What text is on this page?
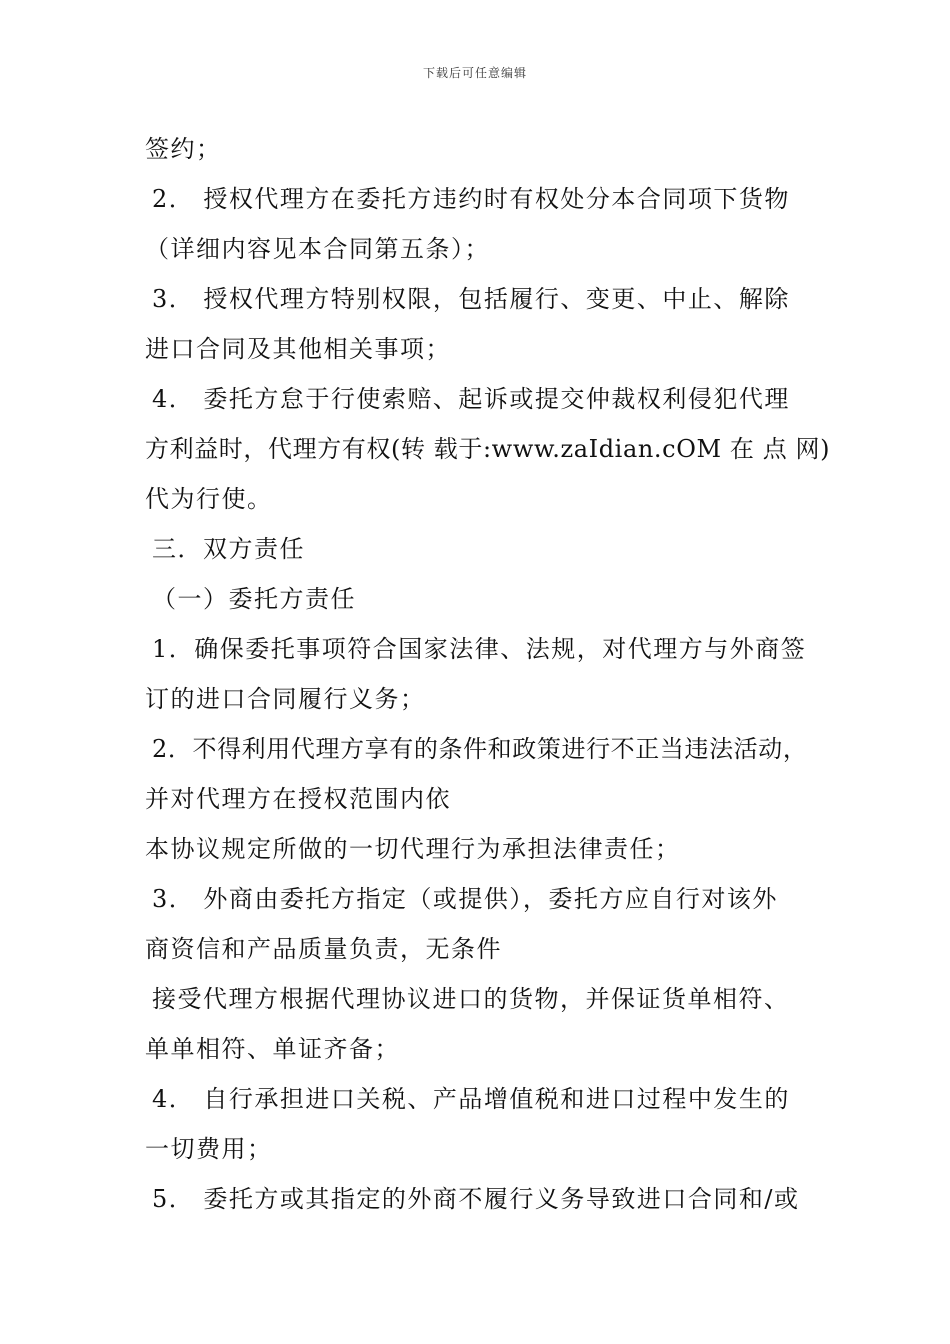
下载后可任意编辑
签约；
2． 授权代理方在委托方违约时有权处分本合同项下货物
（详细内容见本合同第五条）；
3． 授权代理方特别权限，包括履行、变更、中止、解除
进口合同及其他相关事项；
4． 委托方怠于行使索赔、起诉或提交仲裁权利侵犯代理
方利益时，代理方有权(转 载于:www.zaIdian.cOM 在 点 网)
代为行使。
三．双方责任
（一）委托方责任
1．确保委托事项符合国家法律、法规，对代理方与外商签
订的进口合同履行义务；
2．不得利用代理方享有的条件和政策进行不正当违法活动，
并对代理方在授权范围内依
本协议规定所做的一切代理行为承担法律责任；
3． 外商由委托方指定（或提供），委托方应自行对该外
商资信和产品质量负责，无条件
接受代理方根据代理协议进口的货物，并保证货单相符、
单单相符、单证齐备；
4． 自行承担进口关税、产品增值税和进口过程中发生的
一切费用；
5． 委托方或其指定的外商不履行义务导致进口合同和/或
